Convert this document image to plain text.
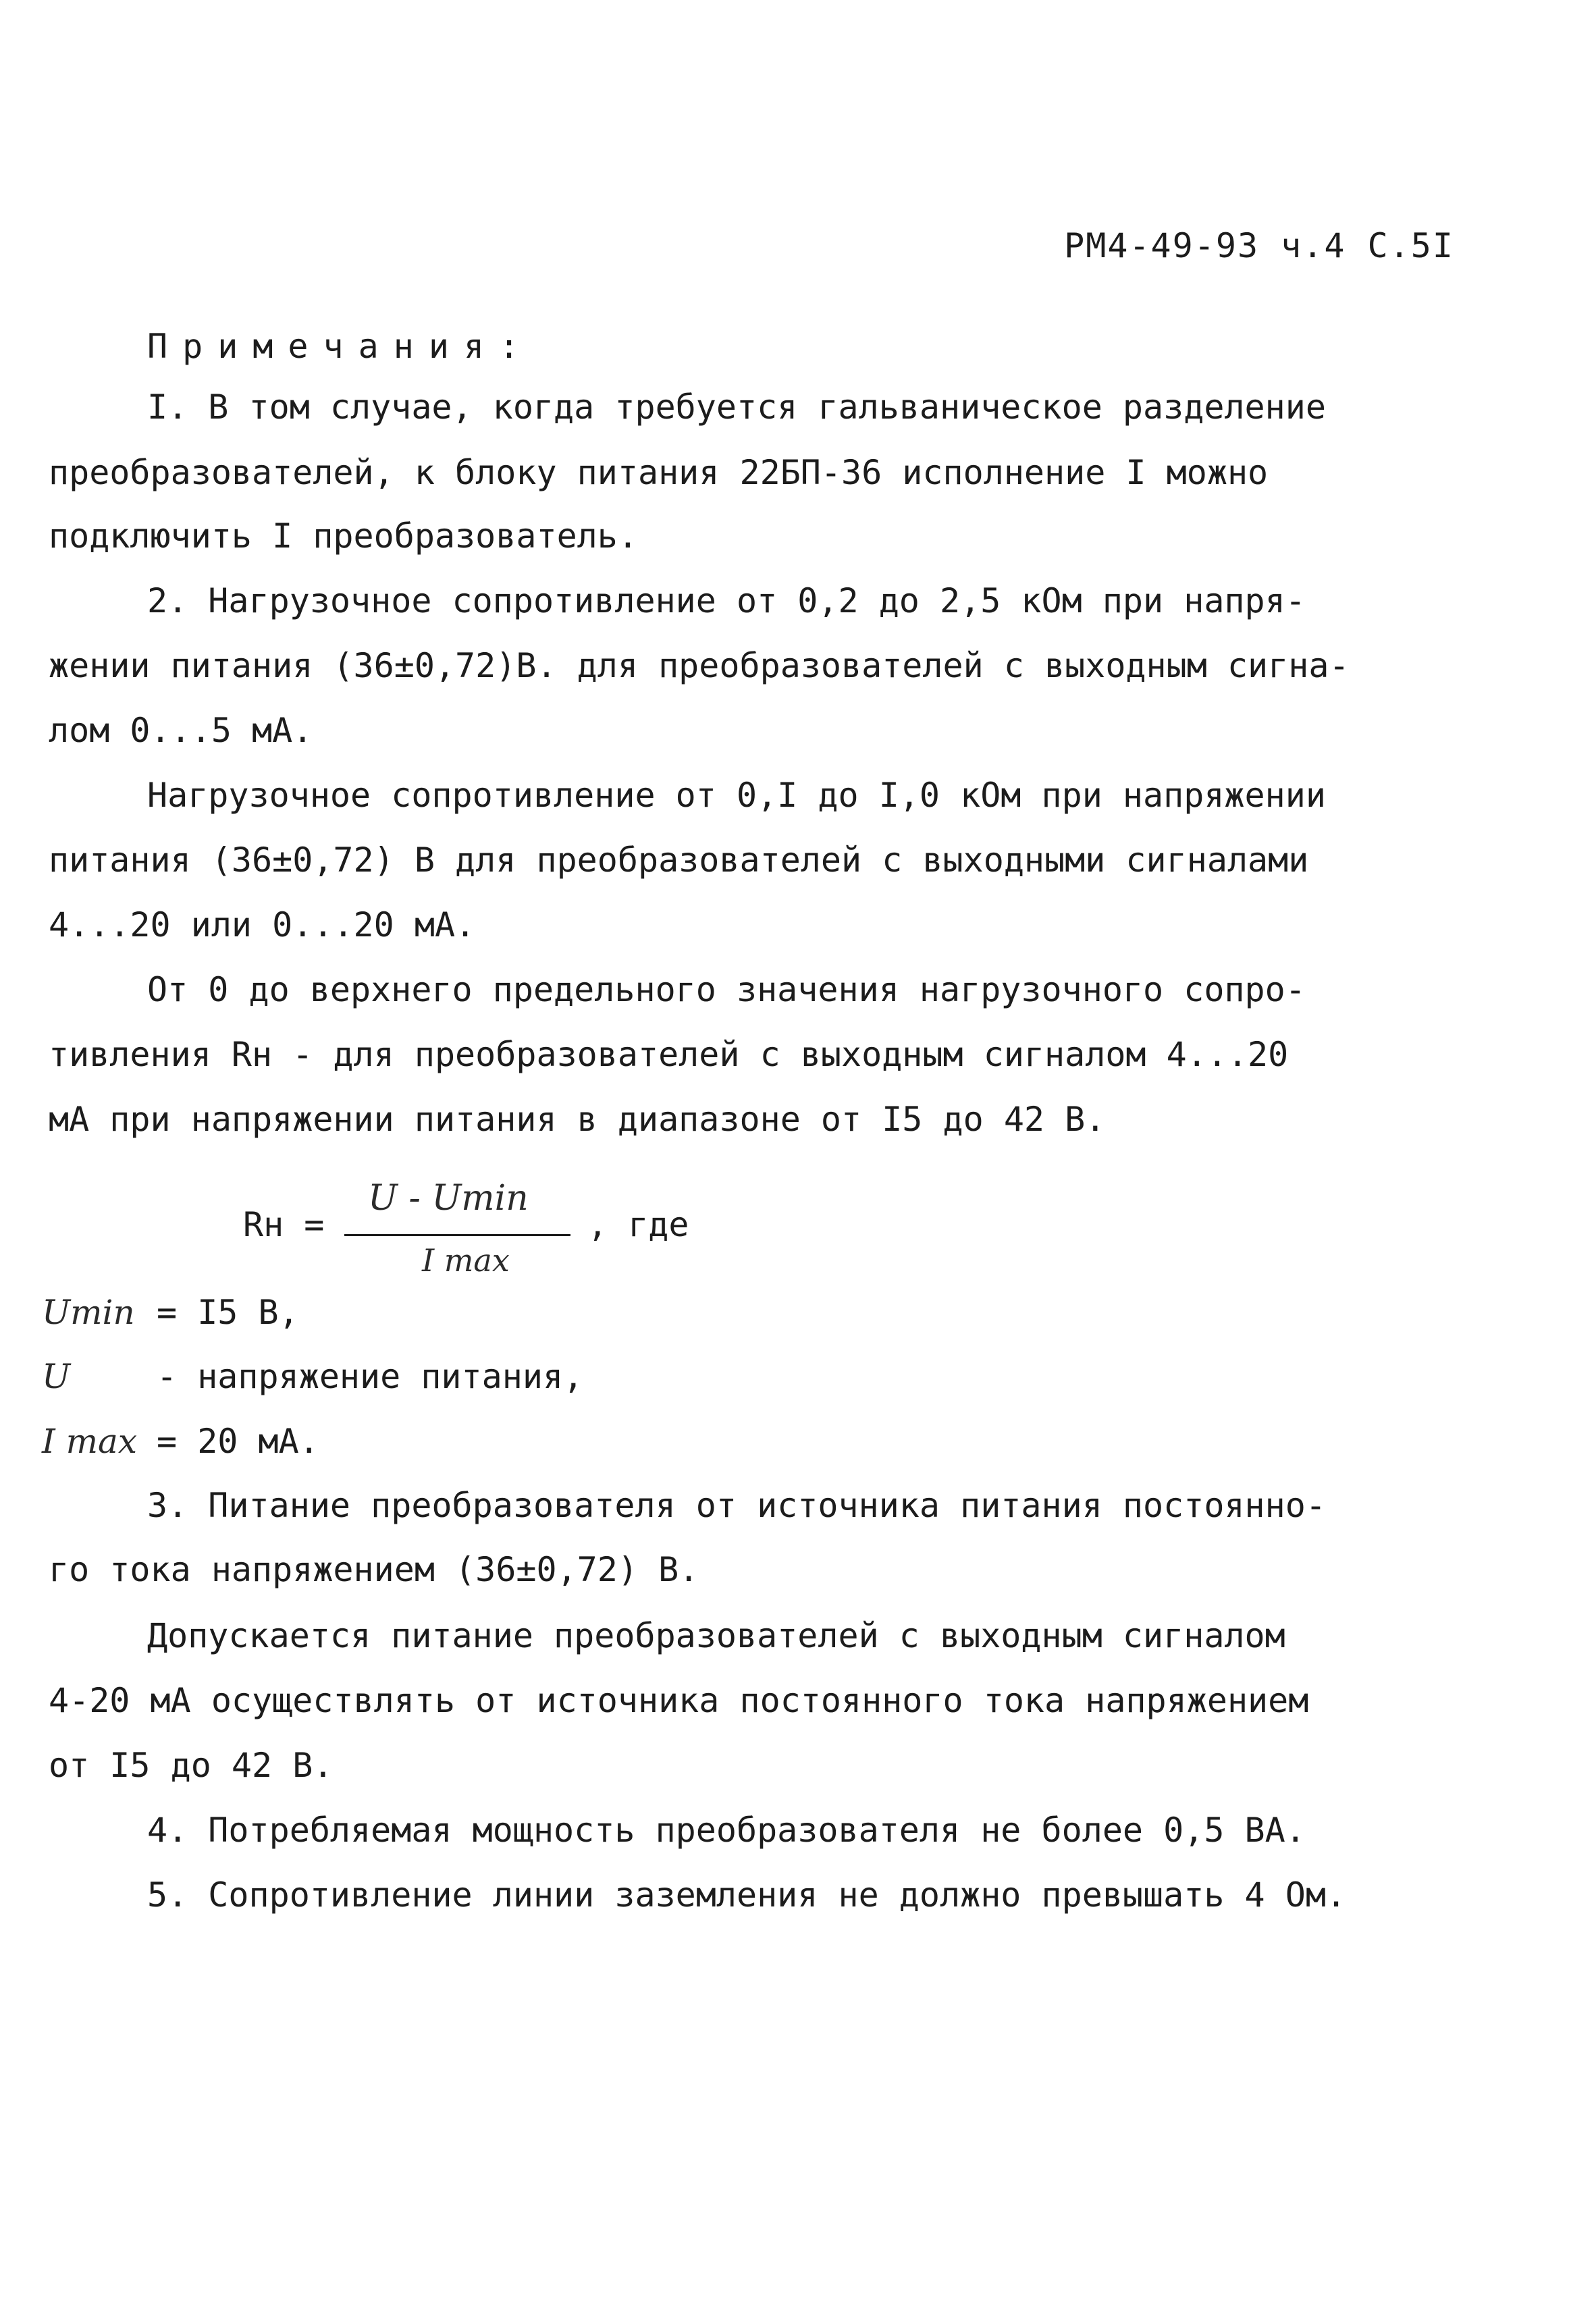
РМ4-49-93 ч.4 С.5I
Примечания:
I. В том случае, когда требуется гальваническое разделение
преобразователей, к блоку питания 22БП-36 исполнение I можно
подключить I преобразователь.
2. Нагрузочное сопротивление от 0,2 до 2,5 кОм при напря-
жении питания (36±0,72)В. для преобразователей с выходным сигна-
лом 0...5 мА.
Нагрузочное сопротивление от 0,I до I,0 кОм при напряжении
питания (36±0,72) В для преобразователей с выходными сигналами
4...20 или 0...20 мА.
От 0 до верхнего предельного значения нагрузочного сопро-
тивления Rн - для преобразователей с выходным сигналом 4...20
мА при напряжении питания в диапазоне от I5 до 42 В.
Rн =
U - Umin
I max
, где
Umin = I5 В,
U	- напряжение питания,
I max = 20 мА.
3. Питание преобразователя от источника питания постоянно-
го тока напряжением (36±0,72) В.
Допускается питание преобразователей с выходным сигналом
4-20 мА осуществлять от источника постоянного тока напряжением
от I5 до 42 В.
4. Потребляемая мощность преобразователя не более 0,5 ВА.
5. Сопротивление линии заземления не должно превышать 4 Ом.
